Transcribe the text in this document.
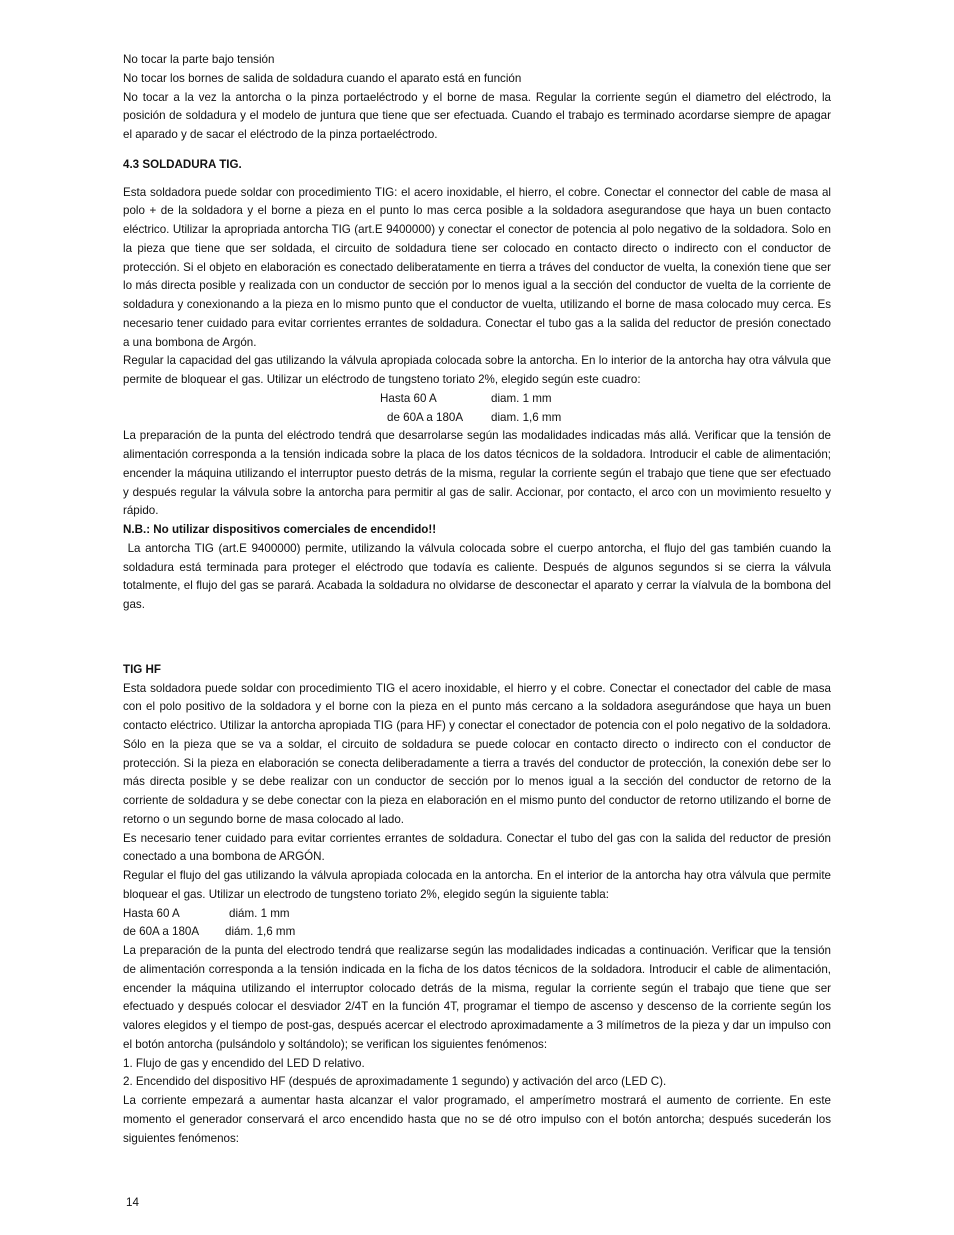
No tocar la parte bajo tensión

No tocar los bornes de salida de soldadura cuando el aparato está en función

No tocar a la vez la antorcha o la pinza portaeléctrodo y el borne de masa. Regular la corriente según el diametro del eléctrodo, la posición de soldadura y el modelo de juntura que tiene que ser efectuada. Cuando el trabajo es terminado acordarse siempre de apagar el aparado y de sacar el eléctrodo de la pinza portaeléctrodo.

4.3 SOLDADURA TIG.

Esta soldadora puede soldar con procedimiento TIG: el acero inoxidable, el hierro, el cobre. Conectar el connector del cable de masa al polo + de la soldadora y el borne a pieza en el punto lo mas cerca posible a la soldadora asegurandose que haya un buen contacto eléctrico. Utilizar la apropriada antorcha TIG (art.E 9400000) y conectar el conector de potencia al polo negativo de la soldadora. Solo en la pieza que tiene que ser soldada, el circuito de soldadura tiene ser colocado en contacto directo o indirecto con el conductor de protección. Si el objeto en elaboración es conectado deliberatamente en tierra a tráves del conductor de vuelta, la conexión tiene que ser lo más directa posible y realizada con un conductor de sección por lo menos igual a la sección del conductor de vuelta de la corriente de soldadura y conexionando a la pieza en lo mismo punto que el conductor de vuelta, utilizando el borne de masa colocado muy cerca. Es necesario tener cuidado para evitar corrientes errantes de soldadura. Conectar el tubo gas a la salida del reductor de presión conectado a una bombona de Argón.

Regular la capacidad del gas utilizando la válvula apropiada colocada sobre la antorcha. En lo interior de la antorcha hay otra válvula que permite de bloquear el gas. Utilizar un eléctrodo de tungsteno toriato 2%, elegido según este cuadro:

Hasta 60 A	diam. 1 mm
de 60A a 180A	diam. 1,6 mm

La preparación de la punta del eléctrodo tendrá que desarrolarse según las modalidades indicadas más allá. Verificar que la tensión de alimentación corresponda a la tensión indicada sobre la placa de los datos técnicos de la soldadora. Introducir el cable de alimentación; encender la máquina utilizando el interruptor puesto detrás de la misma, regular la corriente según el trabajo que tiene que ser efectuado y después regular la válvula sobre la antorcha para permitir al gas de salir. Accionar, por contacto, el arco con un movimiento resuelto y rápido.

N.B.: No utilizar dispositivos comerciales de encendido!!

La antorcha TIG (art.E 9400000) permite, utilizando la válvula colocada sobre el cuerpo antorcha, el flujo del gas también cuando la soldadura está terminada para proteger el eléctrodo que todavía es caliente. Después de algunos segundos si se cierra la válvula totalmente, el flujo del gas se parará. Acabada la soldadura no olvidarse de desconectar el aparato y cerrar la víalvula de la bombona del gas.

TIG HF

Esta soldadora puede soldar con procedimiento TIG el acero inoxidable, el hierro y el cobre. Conectar el conectador del cable de masa con el polo positivo de la soldadora y el borne con la pieza en el punto más cercano a la soldadora asegurándose que haya un buen contacto eléctrico. Utilizar la antorcha apropiada TIG (para HF) y conectar el conectador de potencia con el polo negativo de la soldadora. Sólo en la pieza que se va a soldar, el circuito de soldadura se puede colocar en contacto directo o indirecto con el conductor de protección. Si la pieza en elaboración se conecta deliberadamente a tierra a través del conductor de protección, la conexión debe ser lo más directa posible y se debe realizar con un conductor de sección por lo menos igual a la sección del conductor de retorno de la corriente de soldadura y se debe conectar con la pieza en elaboración en el mismo punto del conductor de retorno utilizando el borne de retorno o un segundo borne de masa colocado al lado.

Es necesario tener cuidado para evitar corrientes errantes de soldadura. Conectar el tubo del gas con la salida del reductor de presión conectado a una bombona de ARGÓN.

Regular el flujo del gas utilizando la válvula apropiada colocada en la antorcha. En el interior de la antorcha hay otra válvula que permite bloquear el gas. Utilizar un electrodo de tungsteno toriato 2%, elegido según la siguiente tabla:

Hasta 60 A	diám. 1 mm
de 60A a 180A	diám. 1,6 mm

La preparación de la punta del electrodo tendrá que realizarse según las modalidades indicadas a continuación. Verificar que la tensión de alimentación corresponda a la tensión indicada en la ficha de los datos técnicos de la soldadora. Introducir el cable de alimentación, encender la máquina utilizando el interruptor colocado detrás de la misma, regular la corriente según el trabajo que tiene que ser efectuado y después colocar el desviador 2/4T en la función 4T, programar el tiempo de ascenso y descenso de la corriente según los valores elegidos y el tiempo de post-gas, después acercar el electrodo aproximadamente a 3 milímetros de la pieza y dar un impulso con el botón antorcha (pulsándolo y soltándolo); se verifican los siguientes fenómenos:

1. Flujo de gas y encendido del LED D relativo.

2. Encendido del dispositivo HF (después de aproximadamente 1 segundo) y activación del arco (LED C).

La corriente empezará a aumentar hasta alcanzar el valor programado, el amperímetro mostrará el aumento de corriente. En este momento el generador conservará el arco encendido hasta que no se dé otro impulso con el botón antorcha; después sucederán los siguientes fenómenos:

14
